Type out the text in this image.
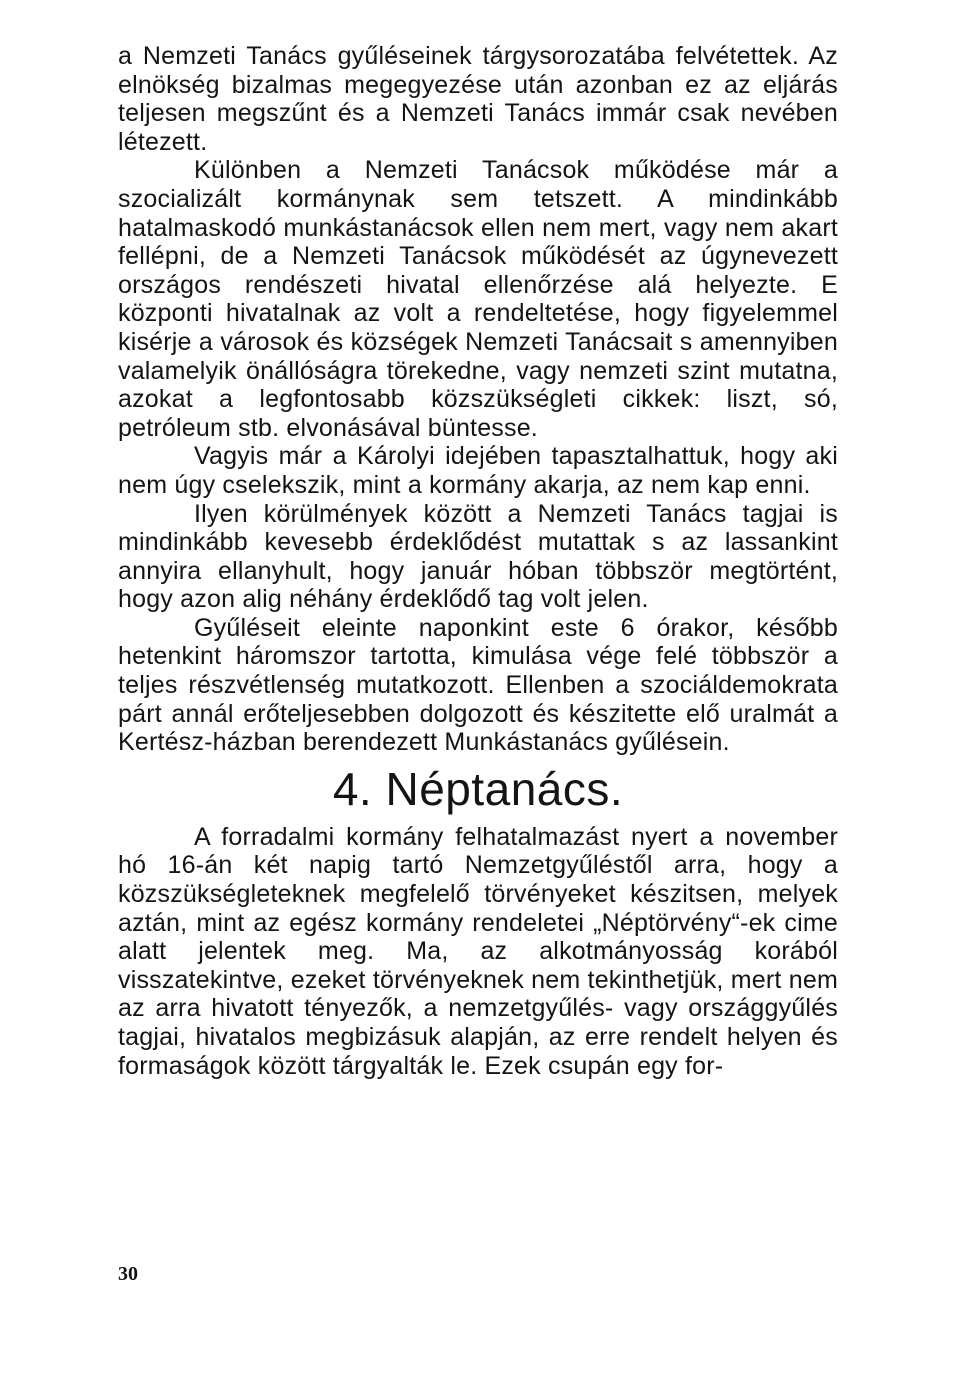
a Nemzeti Tanács gyűléseinek tárgysorozatába felvétettek. Az elnökség bizalmas megegyezése után azonban ez az eljárás teljesen megszűnt és a Nemzeti Tanács immár csak nevében létezett.

Különben a Nemzeti Tanácsok működése már a szocializált kormánynak sem tetszett. A mindinkább hatalmaskodó munkástanácsok ellen nem mert, vagy nem akart fellépni, de a Nemzeti Tanácsok működését az úgynevezett országos rendészeti hivatal ellenőrzése alá helyezte. E központi hivatalnak az volt a rendeltetése, hogy figyelemmel kisérje a városok és községek Nemzeti Tanácsait s amennyiben valamelyik önállóságra törekedne, vagy nemzeti szint mutatna, azokat a legfontosabb közszükségleti cikkek: liszt, só, petróleum stb. elvonásával büntesse.

Vagyis már a Károlyi idejében tapasztalhattuk, hogy aki nem úgy cselekszik, mint a kormány akarja, az nem kap enni.

Ilyen körülmények között a Nemzeti Tanács tagjai is mindinkább kevesebb érdeklődést mutattak s az lassankint annyira ellanyhult, hogy január hóban többször megtörtént, hogy azon alig néhány érdeklődő tag volt jelen.

Gyűléseit eleinte naponkint este 6 órakor, később hetenkint háromszor tartotta, kimulása vége felé többször a teljes részvétlenség mutatkozott. Ellenben a szociáldemokrata párt annál erőteljesebben dolgozott és készitette elő uralmát a Kertész-házban berendezett Munkástanács gyűlésein.

4. Néptanács.

A forradalmi kormány felhatalmazást nyert a november hó 16-án két napig tartó Nemzetgyűléstől arra, hogy a közszükségleteknek megfelelő törvényeket készitsen, melyek aztán, mint az egész kormány rendeletei „Néptörvény“-ek cime alatt jelentek meg. Ma, az alkotmányosság korából visszatekintve, ezeket törvényeknek nem tekinthetjük, mert nem az arra hivatott tényezők, a nemzetgyűlés- vagy országgyűlés tagjai, hivatalos megbizásuk alapján, az erre rendelt helyen és formaságok között tárgyalták le. Ezek csupán egy for-

30
